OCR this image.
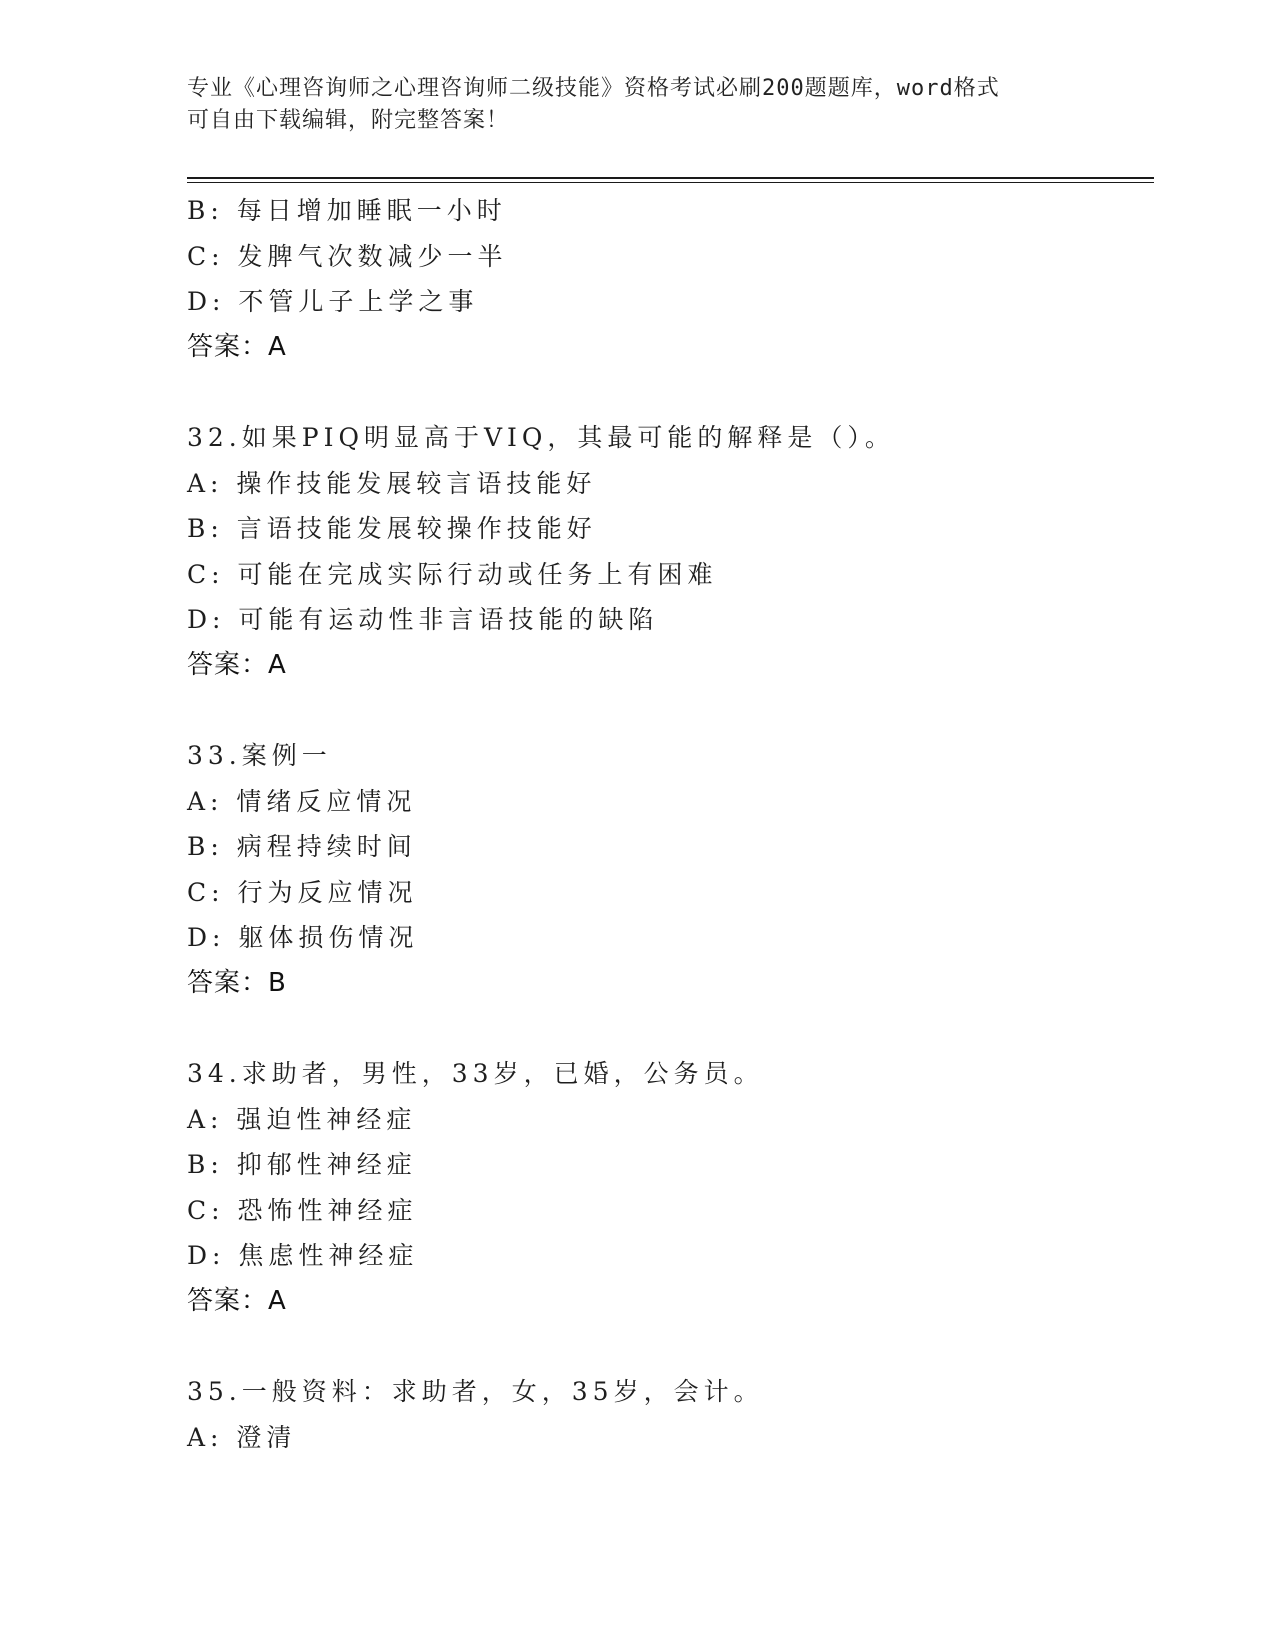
专业《心理咨询师之心理咨询师二级技能》资格考试必刷200题题库，word格式
可自由下载编辑，附完整答案！
B: 每日增加睡眠一小时
C: 发脾气次数减少一半
D: 不管儿子上学之事
答案：A
32.如果PIQ明显高于VIQ，其最可能的解释是（）。
A: 操作技能发展较言语技能好
B: 言语技能发展较操作技能好
C: 可能在完成实际行动或任务上有困难
D: 可能有运动性非言语技能的缺陷
答案：A
33.案例一
A: 情绪反应情况
B: 病程持续时间
C: 行为反应情况
D: 躯体损伤情况
答案：B
34.求助者，男性，33岁，已婚，公务员。
A: 强迫性神经症
B: 抑郁性神经症
C: 恐怖性神经症
D: 焦虑性神经症
答案：A
35.一般资料：求助者，女，35岁，会计。
A: 澄清
